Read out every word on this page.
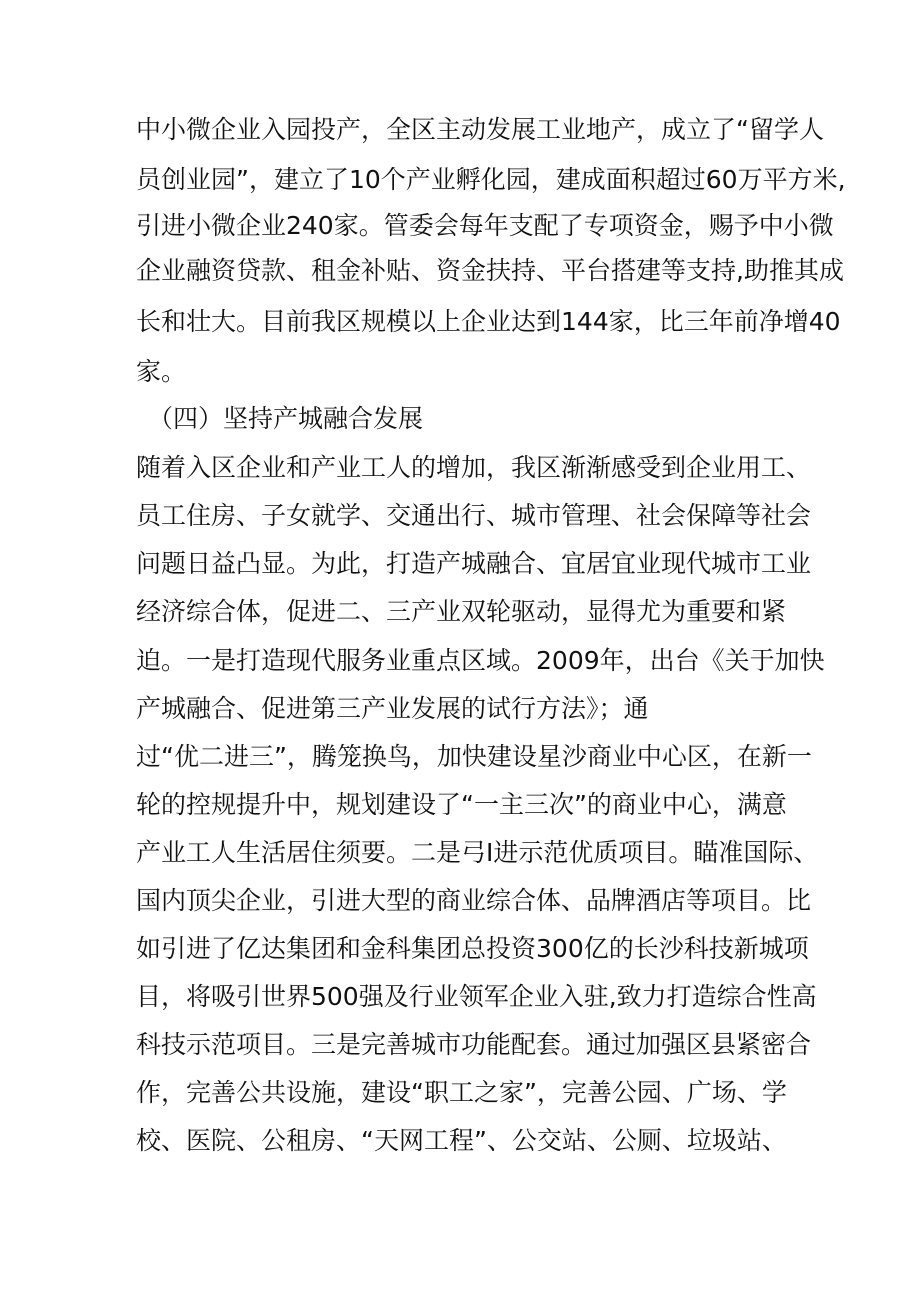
中小微企业入园投产，全区主动发展工业地产，成立了“留学人
员创业园”，建立了10个产业孵化园，建成面积超过60万平方米,
引进小微企业240家。管委会每年支配了专项资金，赐予中小微
企业融资贷款、租金补贴、资金扶持、平台搭建等支持,助推其成
长和壮大。目前我区规模以上企业达到144家，比三年前净增40
家。
（四）坚持产城融合发展
随着入区企业和产业工人的增加，我区渐渐感受到企业用工、
员工住房、子女就学、交通出行、城市管理、社会保障等社会
问题日益凸显。为此，打造产城融合、宜居宜业现代城市工业
经济综合体，促进二、三产业双轮驱动，显得尤为重要和紧
迫。一是打造现代服务业重点区域。2009年，出台《关于加快
产城融合、促进第三产业发展的试行方法》；通
过“优二进三”，腾笼换鸟，加快建设星沙商业中心区，在新一
轮的控规提升中，规划建设了“一主三次”的商业中心，满意
产业工人生活居住须要。二是弓I进示范优质项目。瞄准国际、
国内顶尖企业，引进大型的商业综合体、品牌酒店等项目。比
如引进了亿达集团和金科集团总投资300亿的长沙科技新城项
目，将吸引世界500强及行业领军企业入驻,致力打造综合性高
科技示范项目。三是完善城市功能配套。通过加强区县紧密合
作，完善公共设施，建设“职工之家”，完善公园、广场、学
校、医院、公租房、“天网工程”、公交站、公厕、垃圾站、
